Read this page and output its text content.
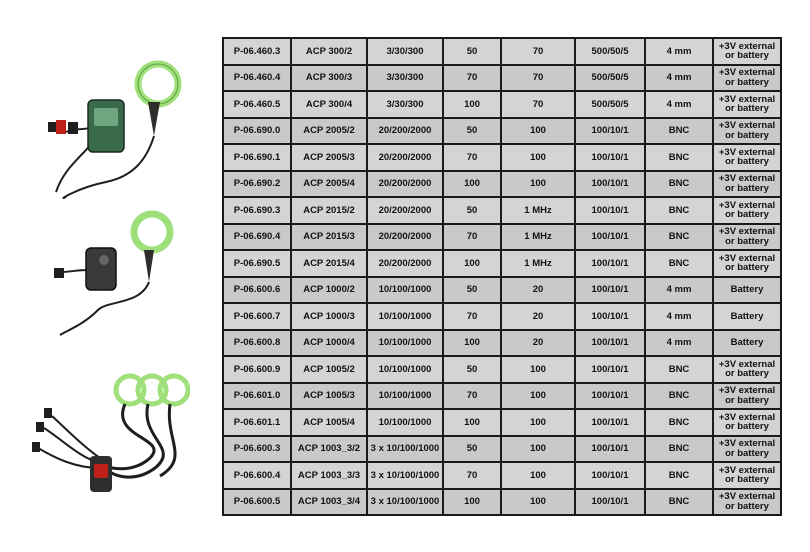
P-06.460.3	ACP 300/2	3/30/300	50	70	500/50/5	4 mm	+3V external
or battery
P-06.460.4	ACP 300/3	3/30/300	70	70	500/50/5	4 mm	+3V external
or battery
P-06.460.5	ACP 300/4	3/30/300	100	70	500/50/5	4 mm	+3V external
or battery
P-06.690.0	ACP 2005/2	20/200/2000	50	100	100/10/1	BNC	+3V external
or battery
P-06.690.1	ACP 2005/3	20/200/2000	70	100	100/10/1	BNC	+3V external
or battery
P-06.690.2	ACP 2005/4	20/200/2000	100	100	100/10/1	BNC	+3V external
or battery
P-06.690.3	ACP 2015/2	20/200/2000	50	1 MHz	100/10/1	BNC	+3V external
or battery
P-06.690.4	ACP 2015/3	20/200/2000	70	1 MHz	100/10/1	BNC	+3V external
or battery
P-06.690.5	ACP 2015/4	20/200/2000	100	1 MHz	100/10/1	BNC	+3V external
or battery
P-06.600.6	ACP 1000/2	10/100/1000	50	20	100/10/1	4 mm	Battery
P-06.600.7	ACP 1000/3	10/100/1000	70	20	100/10/1	4 mm	Battery
P-06.600.8	ACP 1000/4	10/100/1000	100	20	100/10/1	4 mm	Battery
P-06.600.9	ACP 1005/2	10/100/1000	50	100	100/10/1	BNC	+3V external
or battery
P-06.601.0	ACP 1005/3	10/100/1000	70	100	100/10/1	BNC	+3V external
or battery
P-06.601.1	ACP 1005/4	10/100/1000	100	100	100/10/1	BNC	+3V external
or battery
P-06.600.3	ACP 1003_3/2	3 x 10/100/1000	50	100	100/10/1	BNC	+3V external
or battery
P-06.600.4	ACP 1003_3/3	3 x 10/100/1000	70	100	100/10/1	BNC	+3V external
or battery
P-06.600.5	ACP 1003_3/4	3 x 10/100/1000	100	100	100/10/1	BNC	+3V external
or battery
